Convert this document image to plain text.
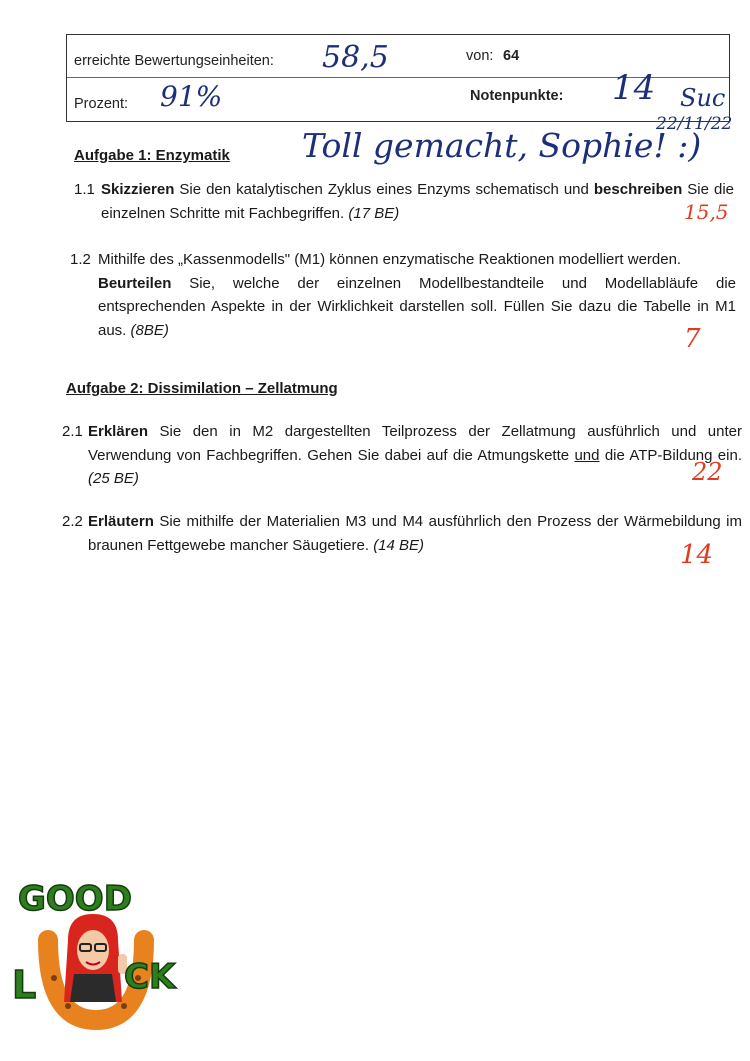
erreichte Bewertungseinheiten: 58,5	von: 64
Prozent: 91%	Notenpunkte: 14 Suc
22/11/22
Toll gemacht, Sophie! :)
Aufgabe 1: Enzymatik
1.1 Skizzieren Sie den katalytischen Zyklus eines Enzyms schematisch und beschreiben Sie die einzelnen Schritte mit Fachbegriffen. (17 BE)	15,5
1.2 Mithilfe des „Kassenmodells" (M1) können enzymatische Reaktionen modelliert werden.

Beurteilen Sie, welche der einzelnen Modellbestandteile und Modellabläufe die entsprechenden Aspekte in der Wirklichkeit darstellen soll. Füllen Sie dazu die Tabelle in M1 aus. (8BE)	7
Aufgabe 2: Dissimilation – Zellatmung
2.1 Erklären Sie den in M2 dargestellten Teilprozess der Zellatmung ausführlich und unter Verwendung von Fachbegriffen. Gehen Sie dabei auf die Atmungskette und die ATP-Bildung ein. (25 BE)	22
2.2 Erläutern Sie mithilfe der Materialien M3 und M4 ausführlich den Prozess der Wärmebildung im braunen Fettgewebe mancher Säugetiere. (14 BE)	14
GOOD
L	CK
